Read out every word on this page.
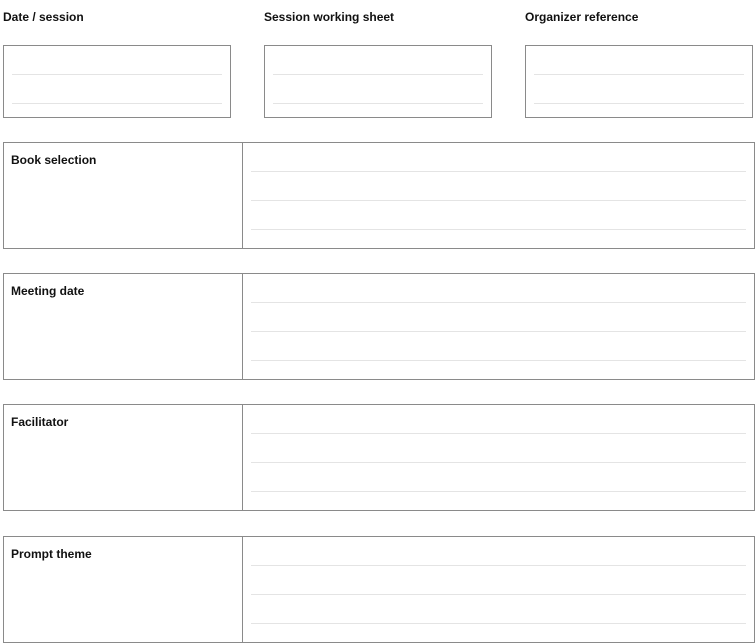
Date / session	Session working sheet	Organizer reference
Book selection
Meeting date
Facilitator
Prompt theme
